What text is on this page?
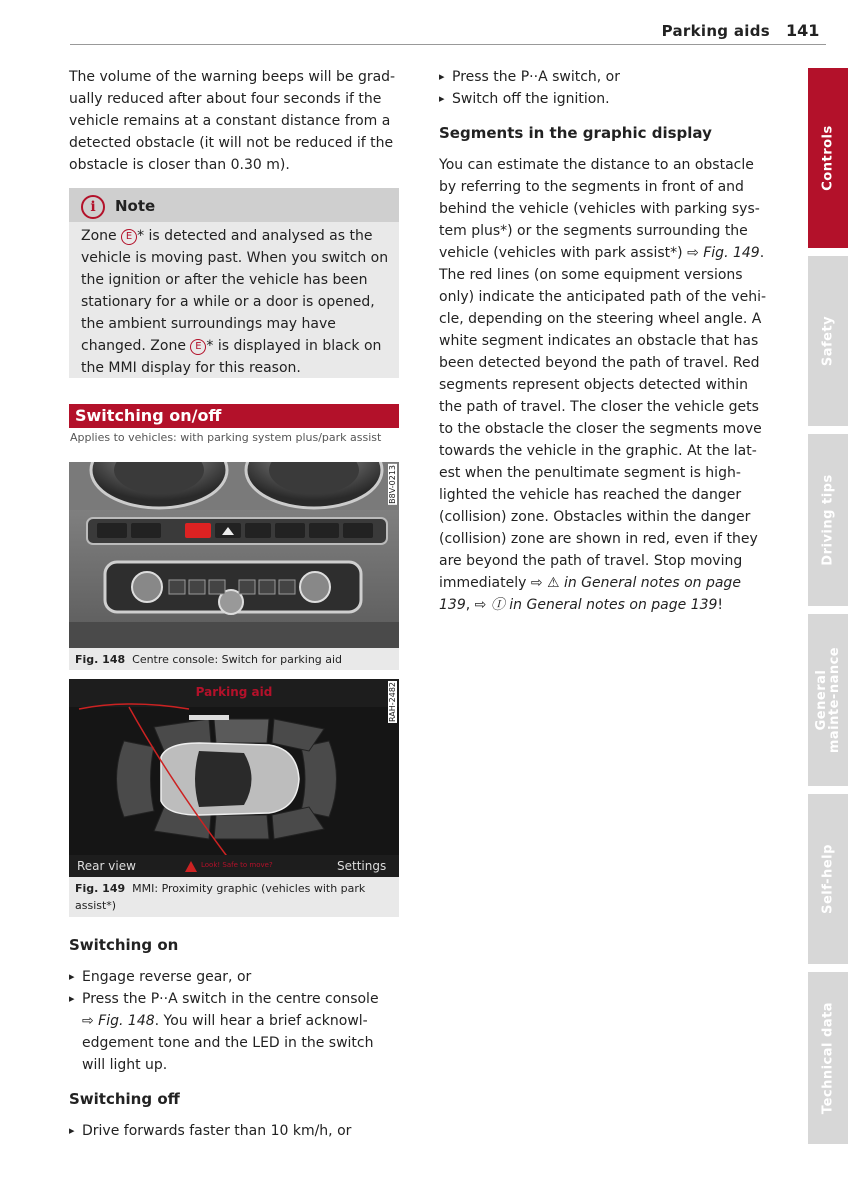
Parking aids 141

The volume of the warning beeps will be grad-ually reduced after about four seconds if the vehicle remains at a constant distance from a detected obstacle (it will not be reduced if the obstacle is closer than 0.30 m).

i	Note
Zone E * is detected and analysed as the vehicle is moving past. When you switch on the ignition or after the vehicle has been stationary for a while or a door is opened, the ambient surroundings may have changed. Zone E * is displayed in black on the MMI display for this reason.
Switching on/off
Applies to vehicles: with parking system plus/park assist
B8V-0213
Fig. 148 Centre console: Switch for parking aid
Parking aid
Rear view	Look! Safe to move?	Settings
RAH-2482
Fig. 149 MMI: Proximity graphic (vehicles with park assist*)
Switching on

▸ Engage reverse gear, or

▸ Press the P··A switch in the centre console ⇨ Fig. 148. You will hear a brief acknowl-edgement tone and the LED in the switch will light up.

Switching off

▸ Drive forwards faster than 10 km/h, or

▸ Press the P··A switch, or

▸ Switch off the ignition.

Segments in the graphic display
You can estimate the distance to an obstacle by referring to the segments in front of and behind the vehicle (vehicles with parking sys-tem plus*) or the segments surrounding the vehicle (vehicles with park assist*) ⇨ Fig. 149. The red lines (on some equipment versions only) indicate the anticipated path of the vehi-cle, depending on the steering wheel angle. A white segment indicates an obstacle that has been detected beyond the path of travel. Red segments represent objects detected within the path of travel. The closer the vehicle gets to the obstacle the closer the segments move towards the vehicle in the graphic. At the lat-est when the penultimate segment is high-lighted the vehicle has reached the danger (collision) zone. Obstacles within the danger (collision) zone are shown in red, even if they are beyond the path of travel. Stop moving immediately ⇨ ⚠ in General notes on page 139, ⇨ Ⓘ in General notes on page 139!
Controls
Safety
Driving tips
General mainte-nance
Self-help
Technical data
